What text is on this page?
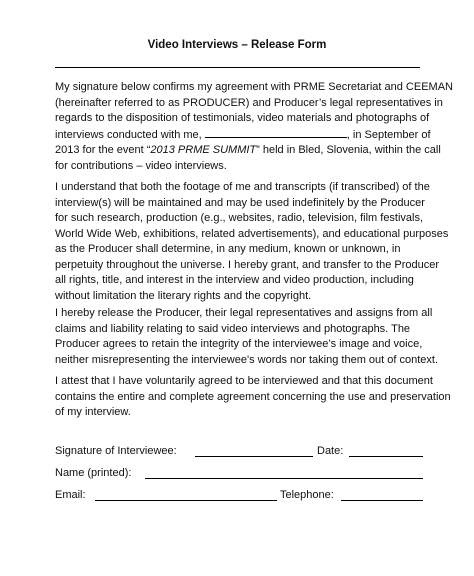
Video Interviews – Release Form
My signature below confirms my agreement with PRME Secretariat and CEEMAN
(hereinafter referred to as PRODUCER) and Producer’s legal representatives in
regards to the disposition of testimonials, video materials and photographs of
interviews conducted with me,	, in September of
2013 for the event “2013 PRME SUMMIT” held in Bled, Slovenia, within the call
for contributions – video interviews.
I understand that both the footage of me and transcripts (if transcribed) of the
interview(s) will be maintained and may be used indefinitely by the Producer
for such research, production (e.g., websites, radio, television, film festivals,
World Wide Web, exhibitions, related advertisements), and educational purposes
as the Producer shall determine, in any medium, known or unknown, in
perpetuity throughout the universe. I hereby grant, and transfer to the Producer
all rights, title, and interest in the interview and video production, including
without limitation the literary rights and the copyright.
I hereby release the Producer, their legal representatives and assigns from all
claims and liability relating to said video interviews and photographs. The
Producer agrees to retain the integrity of the interviewee’s image and voice,
neither misrepresenting the interviewee's words nor taking them out of context.
I attest that I have voluntarily agreed to be interviewed and that this document
contains the entire and complete agreement concerning the use and preservation
of my interview.
Signature of Interviewee:	Date:
Name (printed):
Email:	Telephone:
